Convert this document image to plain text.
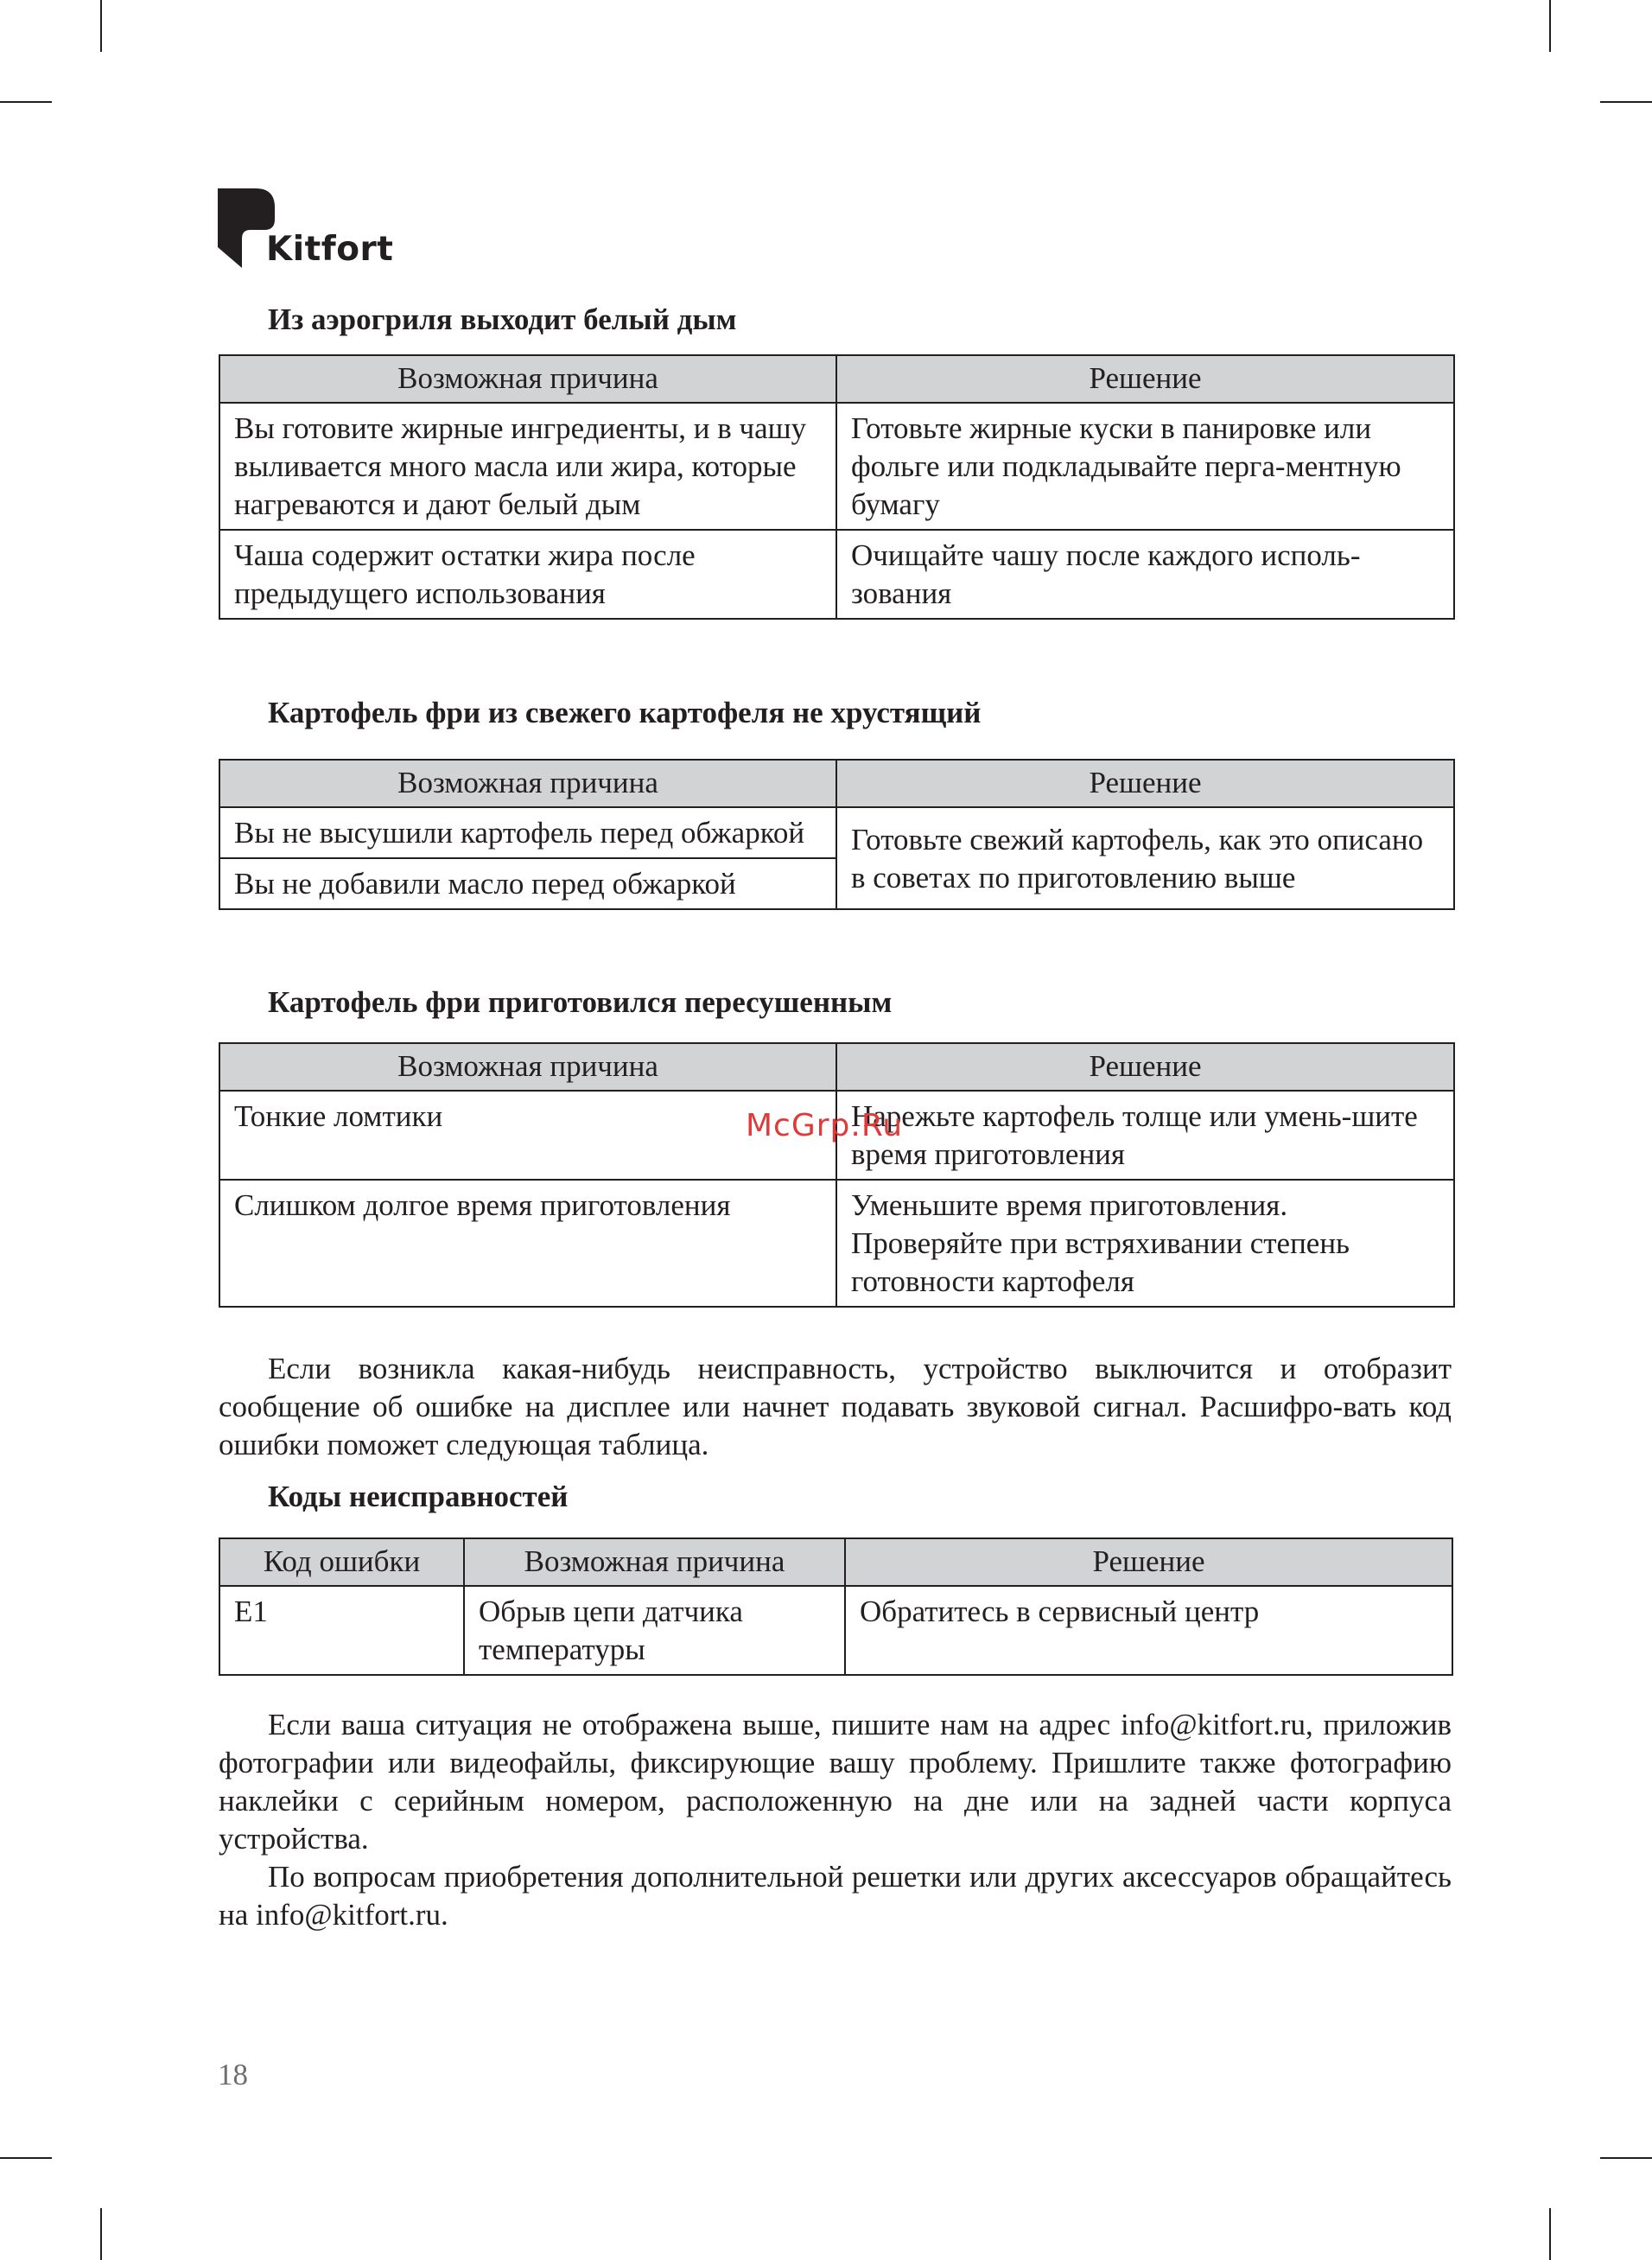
Kitfort
Из аэрогриля выходит белый дым
Возможная причина	Решение
Вы готовите жирные ингредиенты, и в чашу выливается много масла или жира, которые нагреваются и дают белый дым	Готовьте жирные куски в панировке или фольге или подкладывайте перга-ментную бумагу
Чаша содержит остатки жира после предыдущего использования	Очищайте чашу после каждого исполь-зования
Картофель фри из свежего картофеля не хрустящий
Возможная причина	Решение
Вы не высушили картофель перед обжаркой	Готовьте свежий картофель, как это описано в советах по приготовлению выше
Вы не добавили масло перед обжаркой	
Картофель фри приготовился пересушенным
Возможная причина	Решение
Тонкие ломтики	Нарежьте картофель толще или умень-шите время приготовления
Слишком долгое время приготовления	Уменьшите время приготовления. Проверяйте при встряхивании степень готовности картофеля
McGrp.Ru

Если возникла какая-нибудь неисправность, устройство выключится и отобразит сообщение об ошибке на дисплее или начнет подавать звуковой сигнал. Расшифро-вать код ошибки поможет следующая таблица.

Коды неисправностей
Код ошибки	Возможная причина	Решение
E1	Обрыв цепи датчика температуры	Обратитесь в сервисный центр

Если ваша ситуация не отображена выше, пишите нам на адрес info@kitfort.ru, приложив фотографии или видеофайлы, фиксирующие вашу проблему. Пришлите также фотографию наклейки с серийным номером, расположенную на дне или на задней части корпуса устройства.

По вопросам приобретения дополнительной решетки или других аксессуаров обращайтесь на info@kitfort.ru.

18
